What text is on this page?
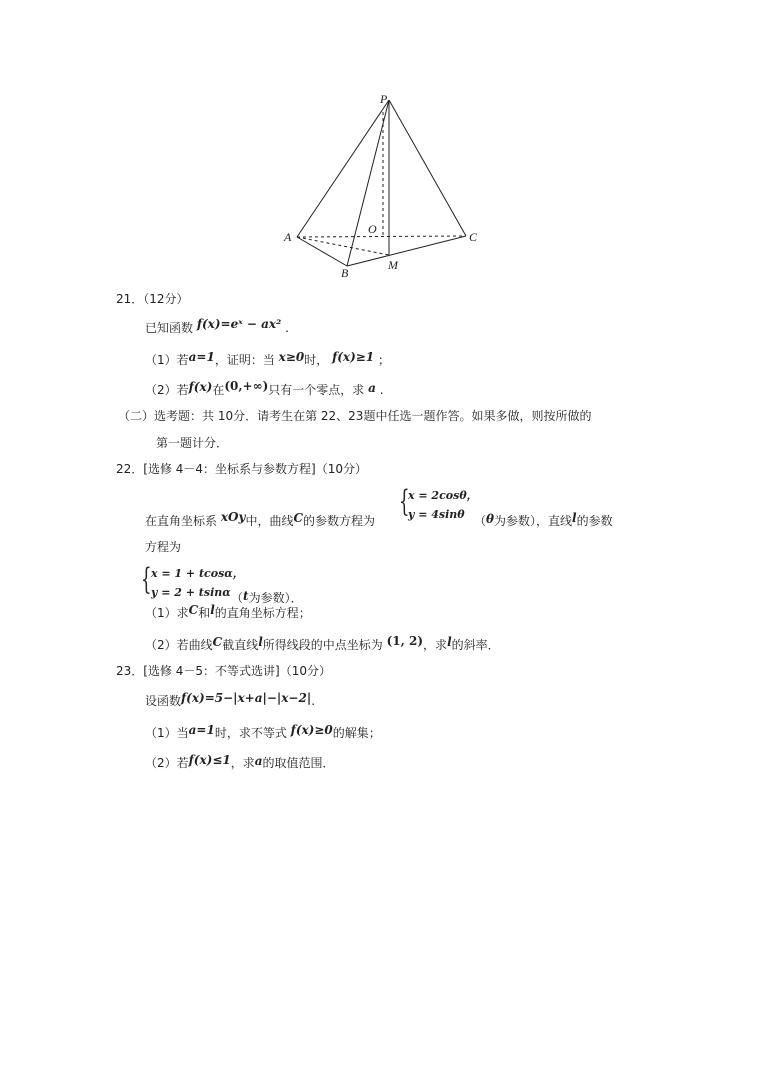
P
A
B
C
O
M
21．（12分）
已知函数 f(x)=eˣ − ax² .
（1）若a=1，证明：当 x≥0时， f(x)≥1 ；
（2）若f(x)在(0,+∞)只有一个零点，求 a .
（二）选考题：共 10分．请考生在第 22、23题中任选一题作答。如果多做，则按所做的
第一题计分．
22．[选修 4－4：坐标系与参数方程]（10分）
{
x = 2cosθ，
y = 4sinθ
在直角坐标系 xOy中，曲线C的参数方程为	（θ为参数），直线l的参数
方程为
{ x = 1 + tcosα，
y = 2 + tsinα （t为参数）．
（1）求C和l的直角坐标方程；
（2）若曲线C截直线l所得线段的中点坐标为 (1, 2)，求l的斜率．
23．[选修 4－5：不等式选讲]（10分）
设函数f(x)=5−|x+a|−|x−2|.
（1）当a=1时，求不等式 f(x)≥0的解集；
（2）若f(x)≤1，求a的取值范围．
